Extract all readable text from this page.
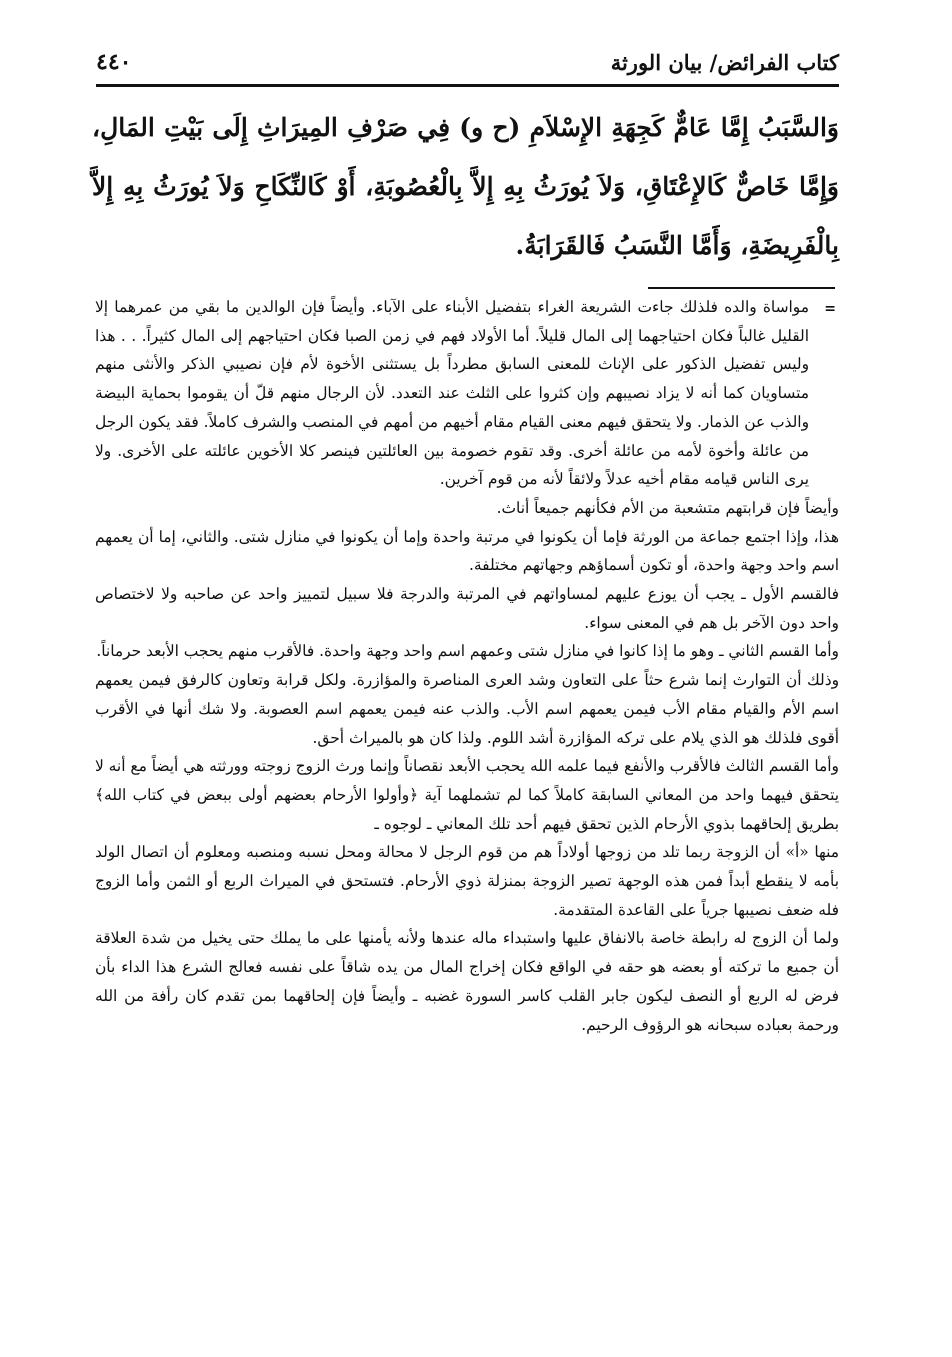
كتاب الفرائض/ بيان الورثة
٤٤٠
وَالسَّبَبُ إِمَّا عَامٌّ كَجِهَةِ الإِسْلاَمِ (ح و) فِي صَرْفِ المِيرَاثِ إِلَى بَيْتِ المَالِ، وَإِمَّا خَاصٌّ كَالإِعْتَاقِ، وَلاَ يُورَثُ بِهِ إِلاَّ بِالْعُصُوبَةِ، أَوْ كَالنِّكَاحِ وَلاَ يُورَثُ بِهِ إِلاَّ بِالْفَرِيضَةِ، وَأَمَّا النَّسَبُ فَالقَرَابَةُ.
=

مواساة والده فلذلك جاءت الشريعة الغراء بتفضيل الأبناء على الآباء. وأيضاً فإن الوالدين ما بقي من عمرهما إلا القليل غالباً فكان احتياجهما إلى المال قليلاً. أما الأولاد فهم في زمن الصبا فكان احتياجهم إلى المال كثيراً. . . هذا وليس تفضيل الذكور على الإناث للمعنى السابق مطرداً بل يستثنى الأخوة لأم فإن نصيبي الذكر والأنثى منهم متساويان كما أنه لا يزاد نصيبهم وإن كثروا على الثلث عند التعدد. لأن الرجال منهم قلّ أن يقوموا بحماية البيضة والذب عن الذمار. ولا يتحقق فيهم معنى القيام مقام أخيهم من أمهم في المنصب والشرف كاملاً. فقد يكون الرجل من عائلة وأخوة لأمه من عائلة أخرى. وقد تقوم خصومة بين العائلتين فينصر كلا الأخوين عائلته على الأخرى. ولا يرى الناس قيامه مقام أخيه عدلاً ولائقاً لأنه من قوم آخرين.

وأيضاً فإن قرابتهم متشعبة من الأم فكأنهم جميعاً أناث.

هذا، وإذا اجتمع جماعة من الورثة فإما أن يكونوا في مرتبة واحدة وإما أن يكونوا في منازل شتى. والثاني، إما أن يعمهم اسم واحد وجهة واحدة، أو تكون أسماؤهم وجهاتهم مختلفة.

فالقسم الأول ـ يجب أن يوزع عليهم لمساواتهم في المرتبة والدرجة فلا سبيل لتمييز واحد عن صاحبه ولا لاختصاص واحد دون الآخر بل هم في المعنى سواء.

وأما القسم الثاني ـ وهو ما إذا كانوا في منازل شتى وعمهم اسم واحد وجهة واحدة. فالأقرب منهم يحجب الأبعد حرماناً.

وذلك أن التوارث إنما شرع حثاً على التعاون وشد العرى المناصرة والمؤازرة. ولكل قرابة وتعاون كالرفق فيمن يعمهم اسم الأم والقيام مقام الأب فيمن يعمهم اسم الأب. والذب عنه فيمن يعمهم اسم العصوبة. ولا شك أنها في الأقرب أقوى فلذلك هو الذي يلام على تركه المؤازرة أشد اللوم. ولذا كان هو بالميراث أحق.

وأما القسم الثالث فالأقرب والأنفع فيما علمه الله يحجب الأبعد نقصاناً وإنما ورث الزوج زوجته وورثته هي أيضاً مع أنه لا يتحقق فيهما واحد من المعاني السابقة كاملاً كما لم تشملهما آية ﴿وأولوا الأرحام بعضهم أولى ببعض في كتاب الله﴾ بطريق إلحاقهما بذوي الأرحام الذين تحقق فيهم أحد تلك المعاني ـ لوجوه ـ

منها «أ» أن الزوجة ربما تلد من زوجها أولاداً هم من قوم الرجل لا محالة ومحل نسبه ومنصبه ومعلوم أن اتصال الولد بأمه لا ينقطع أبداً فمن هذه الوجهة تصير الزوجة بمنزلة ذوي الأرحام. فتستحق في الميراث الربع أو الثمن وأما الزوج فله ضعف نصيبها جرياً على القاعدة المتقدمة.

ولما أن الزوج له رابطة خاصة بالانفاق عليها واستبداء ماله عندها ولأنه يأمنها على ما يملك حتى يخيل من شدة العلاقة أن جميع ما تركته أو بعضه هو حقه في الواقع فكان إخراج المال من يده شاقاً على نفسه فعالج الشرع هذا الداء بأن فرض له الربع أو النصف ليكون جابر القلب كاسر السورة غضبه ـ وأيضاً فإن إلحاقهما بمن تقدم كان رأفة من الله ورحمة بعباده سبحانه هو الرؤوف الرحيم.
